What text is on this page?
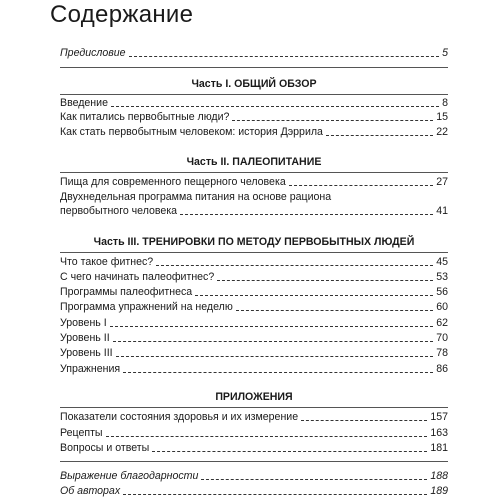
Содержание
Предисловие	5
Часть I. ОБЩИЙ ОБЗОР
Введение	8
Как питались первобытные люди?	15
Как стать первобытным человеком: история Дэррила	22
Часть II. ПАЛЕОПИТАНИЕ
Пища для современного пещерного человека	27
Двухнедельная программа питания на основе рациона
первобытного человека	41
Часть III. ТРЕНИРОВКИ ПО МЕТОДУ ПЕРВОБЫТНЫХ ЛЮДЕЙ
Что такое фитнес?	45
С чего начинать палеофитнес?	53
Программы палеофитнеса	56
Программа упражнений на неделю	60
Уровень I	62
Уровень II	70
Уровень III	78
Упражнения	86
ПРИЛОЖЕНИЯ
Показатели состояния здоровья и их измерение	157
Рецепты	163
Вопросы и ответы	181
Выражение благодарности	188
Об авторах	189
